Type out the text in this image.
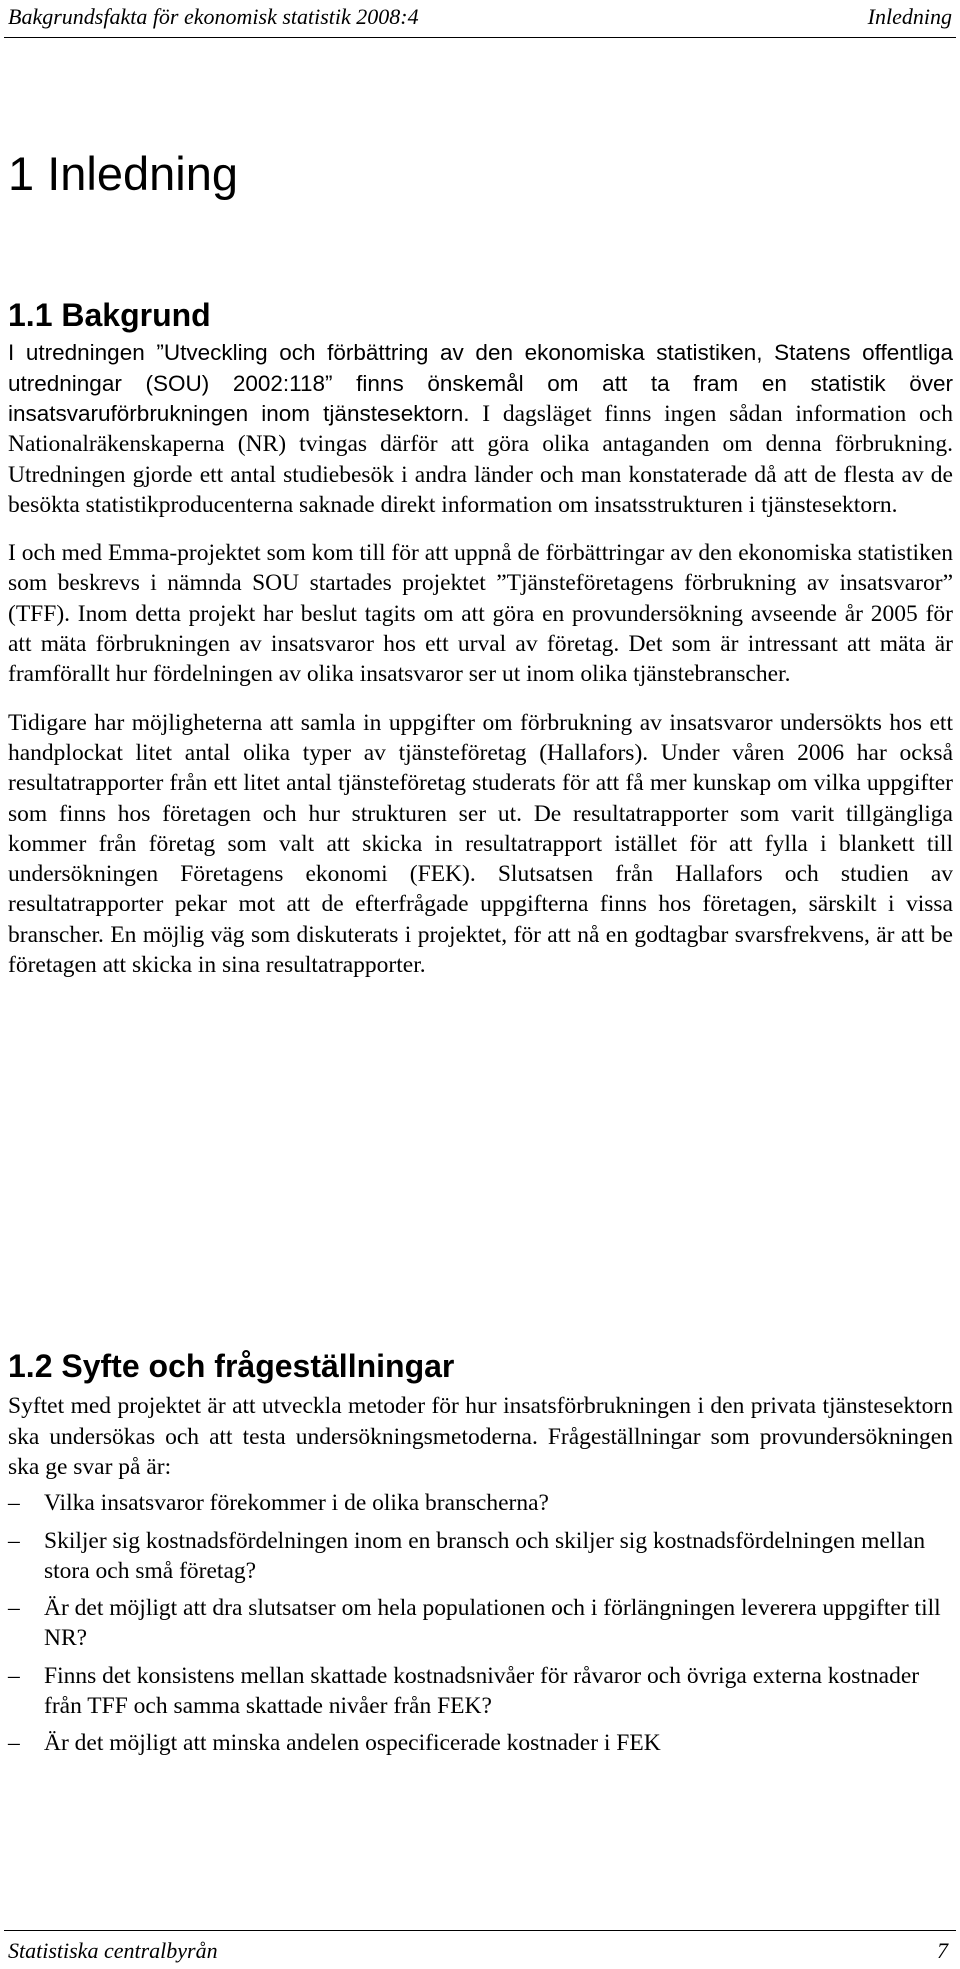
Bakgrundsfakta för ekonomisk statistik 2008:4	Inledning
1 Inledning
1.1 Bakgrund

I utredningen ”Utveckling och förbättring av den ekonomiska statistiken, Statens offentliga utredningar (SOU) 2002:118” finns önskemål om att ta fram en statistik över insatsvaruförbrukningen inom tjänstesektorn. I dagsläget finns ingen sådan information och Nationalräkenskaperna (NR) tvingas därför att göra olika antaganden om denna förbrukning. Utredningen gjorde ett antal studiebesök i andra länder och man konstaterade då att de flesta av de besökta statistikproducenterna saknade direkt information om insatsstrukturen i tjänstesektorn.

I och med Emma-projektet som kom till för att uppnå de förbättringar av den ekonomiska statistiken som beskrevs i nämnda SOU startades projektet ”Tjänsteföretagens förbrukning av insatsvaror” (TFF). Inom detta projekt har beslut tagits om att göra en provundersökning avseende år 2005 för att mäta förbrukningen av insatsvaror hos ett urval av företag. Det som är intressant att mäta är framförallt hur fördelningen av olika insatsvaror ser ut inom olika tjänstebranscher.

Tidigare har möjligheterna att samla in uppgifter om förbrukning av insatsvaror undersökts hos ett handplockat litet antal olika typer av tjänsteföretag (Hallafors). Under våren 2006 har också resultatrapporter från ett litet antal tjänsteföretag studerats för att få mer kunskap om vilka uppgifter som finns hos företagen och hur strukturen ser ut. De resultatrapporter som varit tillgängliga kommer från företag som valt att skicka in resultatrapport istället för att fylla i blankett till undersökningen Företagens ekonomi (FEK). Slutsatsen från Hallafors och studien av resultatrapporter pekar mot att de efterfrågade uppgifterna finns hos företagen, särskilt i vissa branscher. En möjlig väg som diskuterats i projektet, för att nå en godtagbar svarsfrekvens, är att be företagen att skicka in sina resultatrapporter.

1.2 Syfte och frågeställningar

Syftet med projektet är att utveckla metoder för hur insatsförbrukningen i den privata tjänstesektorn ska undersökas och att testa undersökningsmetoderna. Frågeställningar som provundersökningen ska ge svar på är:

– Vilka insatsvaror förekommer i de olika branscherna?
– Skiljer sig kostnadsfördelningen inom en bransch och skiljer sig kostnadsfördelningen mellan stora och små företag?
– Är det möjligt att dra slutsatser om hela populationen och i förlängningen leverera uppgifter till NR?
– Finns det konsistens mellan skattade kostnadsnivåer för råvaror och övriga externa kostnader från TFF och samma skattade nivåer från FEK?
– Är det möjligt att minska andelen ospecificerade kostnader i FEK
Statistiska centralbyrån	7
